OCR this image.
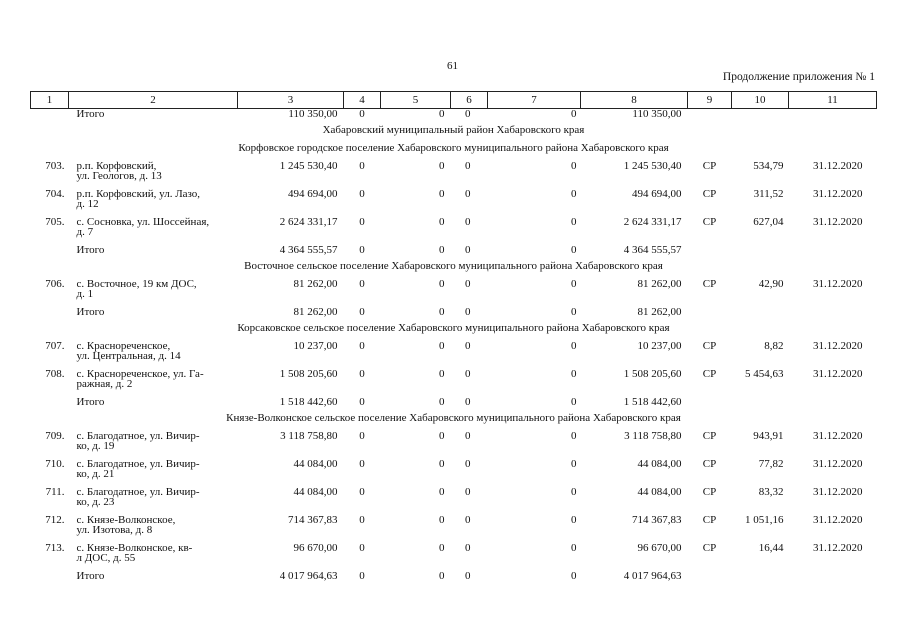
61
Продолжение приложения № 1
1	2	3	4	5	6	7	8	9	10	11
	Итого	110 350,00	0	0	0	0	110 350,00			
Хабаровский муниципальный район Хабаровского края										
Корфовское городское поселение Хабаровского муниципального района Хабаровского края										
703.	р.п. Корфовский,
ул. Геологов, д. 13	1 245 530,40	0	0	0	0	1 245 530,40	СР	534,79	31.12.2020
704.	р.п. Корфовский, ул. Лазо,
д. 12	494 694,00	0	0	0	0	494 694,00	СР	311,52	31.12.2020
705.	с. Сосновка, ул. Шоссейная,
д. 7	2 624 331,17	0	0	0	0	2 624 331,17	СР	627,04	31.12.2020
	Итого	4 364 555,57	0	0	0	0	4 364 555,57			
Восточное сельское поселение Хабаровского муниципального района Хабаровского края										
706.	с. Восточное, 19 км ДОС,
д. 1	81 262,00	0	0	0	0	81 262,00	СР	42,90	31.12.2020
	Итого	81 262,00	0	0	0	0	81 262,00			
Корсаковское сельское поселение Хабаровского муниципального района Хабаровского края										
707.	с. Краснореченское,
ул. Центральная, д. 14	10 237,00	0	0	0	0	10 237,00	СР	8,82	31.12.2020
708.	с. Краснореченское, ул. Га-
ражная, д. 2	1 508 205,60	0	0	0	0	1 508 205,60	СР	5 454,63	31.12.2020
	Итого	1 518 442,60	0	0	0	0	1 518 442,60			
Князе-Волконское сельское поселение Хабаровского муниципального района Хабаровского края										
709.	с. Благодатное, ул. Вичир-
ко, д. 19	3 118 758,80	0	0	0	0	3 118 758,80	СР	943,91	31.12.2020
710.	с. Благодатное, ул. Вичир-
ко, д. 21	44 084,00	0	0	0	0	44 084,00	СР	77,82	31.12.2020
711.	с. Благодатное, ул. Вичир-
ко, д. 23	44 084,00	0	0	0	0	44 084,00	СР	83,32	31.12.2020
712.	с. Князе-Волконское,
ул. Изотова, д. 8	714 367,83	0	0	0	0	714 367,83	СР	1 051,16	31.12.2020
713.	с. Князе-Волконское, кв-
л ДОС, д. 55	96 670,00	0	0	0	0	96 670,00	СР	16,44	31.12.2020
	Итого	4 017 964,63	0	0	0	0	4 017 964,63			
